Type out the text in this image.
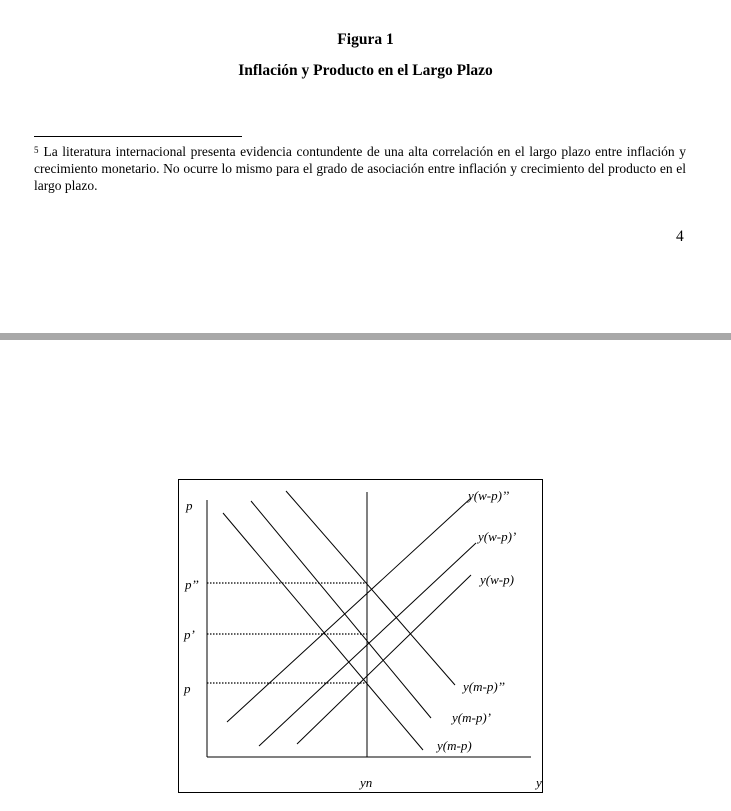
Figura 1
Inflación y Producto en el Largo Plazo
$^5$ La literatura internacional presenta evidencia contundente de una alta correlación en el largo plazo entre inflación y crecimiento monetario. No ocurre lo mismo para el grado de asociación entre inflación y crecimiento del producto en el largo plazo.
4
p
y
yn
p’’
p’
p
y(w-p)’’
y(w-p)’
y(w-p)
y(m-p)’’
y(m-p)’
y(m-p)
